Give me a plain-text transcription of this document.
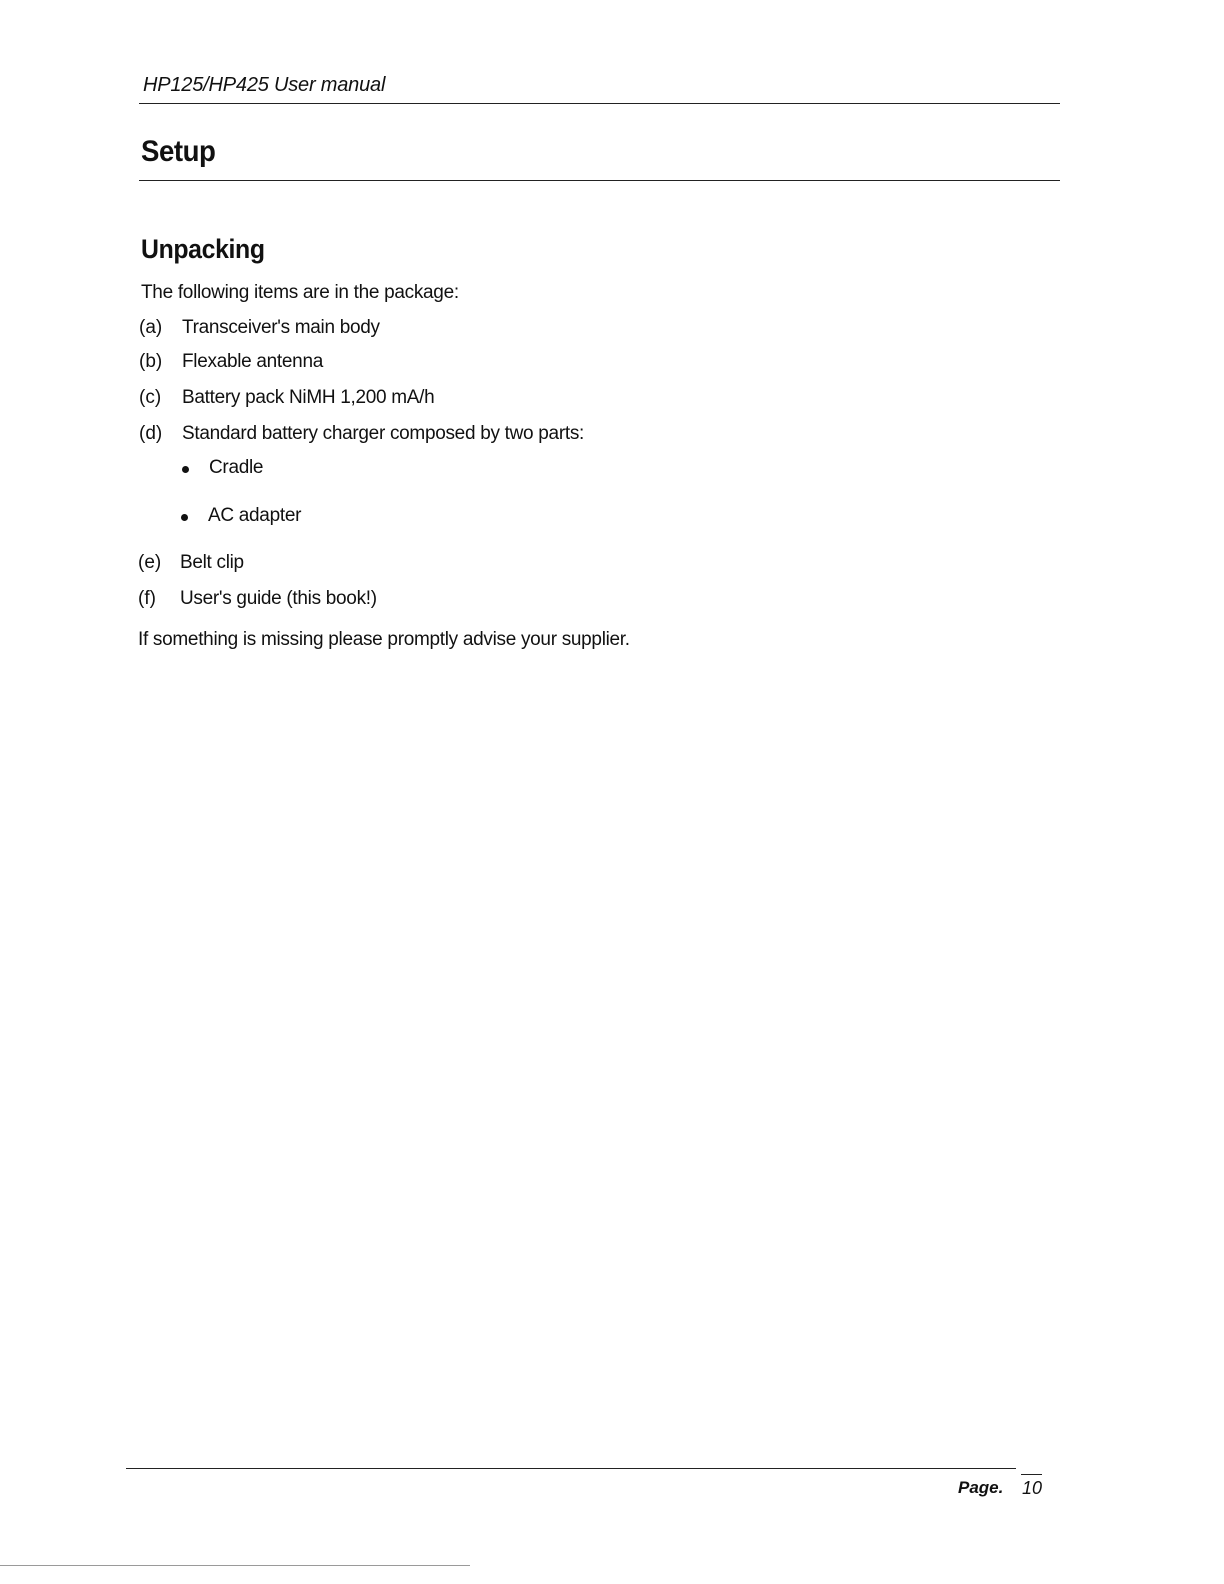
HP125/HP425 User manual
Setup
Unpacking

The following items are in the package:

(a) Transceiver's main body
(b) Flexable antenna
(c) Battery pack NiMH 1,200 mA/h
(d) Standard battery charger composed by two parts:
Cradle
AC adapter
(e) Belt clip
(f) User's guide (this book!)

If something is missing please promptly advise your supplier.

Page. 10
